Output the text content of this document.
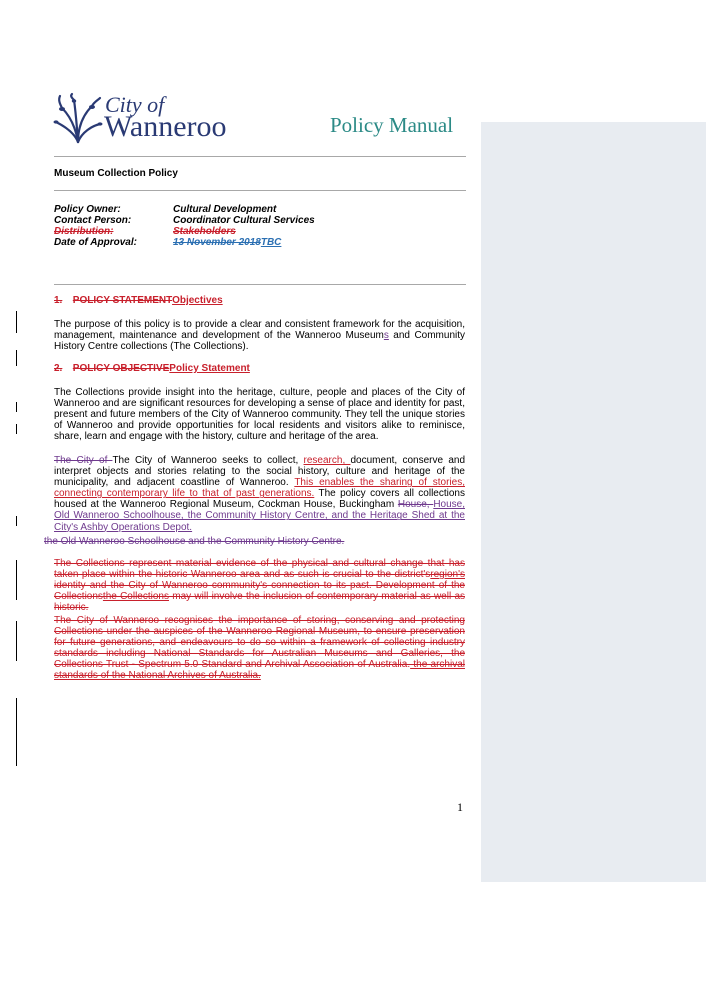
City of
Wanneroo	Policy Manual
Museum Collection Policy
Policy Owner:	Cultural Development
Contact Person:	Coordinator Cultural Services
Distribution:	Stakeholders
Date of Approval:	13 November 2018 TBC
1. POLICY STATEMENTObjectives

The purpose of this policy is to provide a clear and consistent framework for the acquisition, management, maintenance and development of the Wanneroo Museums and Community History Centre collections (The Collections).

2. POLICY OBJECTIVEPolicy Statement

The Collections provide insight into the heritage, culture, people and places of the City of Wanneroo and are significant resources for developing a sense of place and identity for past, present and future members of the City of Wanneroo community. They tell the unique stories of Wanneroo and provide opportunities for local residents and visitors alike to reminisce, share, learn and engage with the history, culture and heritage of the area.

The City of The City of Wanneroo seeks to collect, research, document, conserve and interpret objects and stories relating to the social history, culture and heritage of the municipality, and adjacent coastline of Wanneroo. This enables the sharing of stories, connecting contemporary life to that of past generations. The policy covers all collections housed at the Wanneroo Regional Museum, Cockman House, Buckingham House, House, Old Wanneroo Schoolhouse, the Community History Centre, and the Heritage Shed at the City's Ashby Operations Depot.

the Old Wanneroo Schoolhouse and the Community History Centre.

The Collections represent material evidence of the physical and cultural change that has taken place within the historic Wanneroo area and as such is crucial to the district'sregion's identity and the City of Wanneroo community's connection to its past. Development of the Collectionsthe Collections may will involve the inclusion of contemporary material as well as historic.

The City of Wanneroo recognises the importance of storing, conserving and protecting Collections under the auspices of the Wanneroo Regional Museum, to ensure preservation for future generations, and endeavours to do so within a framework of collecting industry standards including National Standards for Australian Museums and Galleries, the Collections Trust - Spectrum 5.0 Standard and Archival Association of Australia. the archival standards of the National Archives of Australia.

1
